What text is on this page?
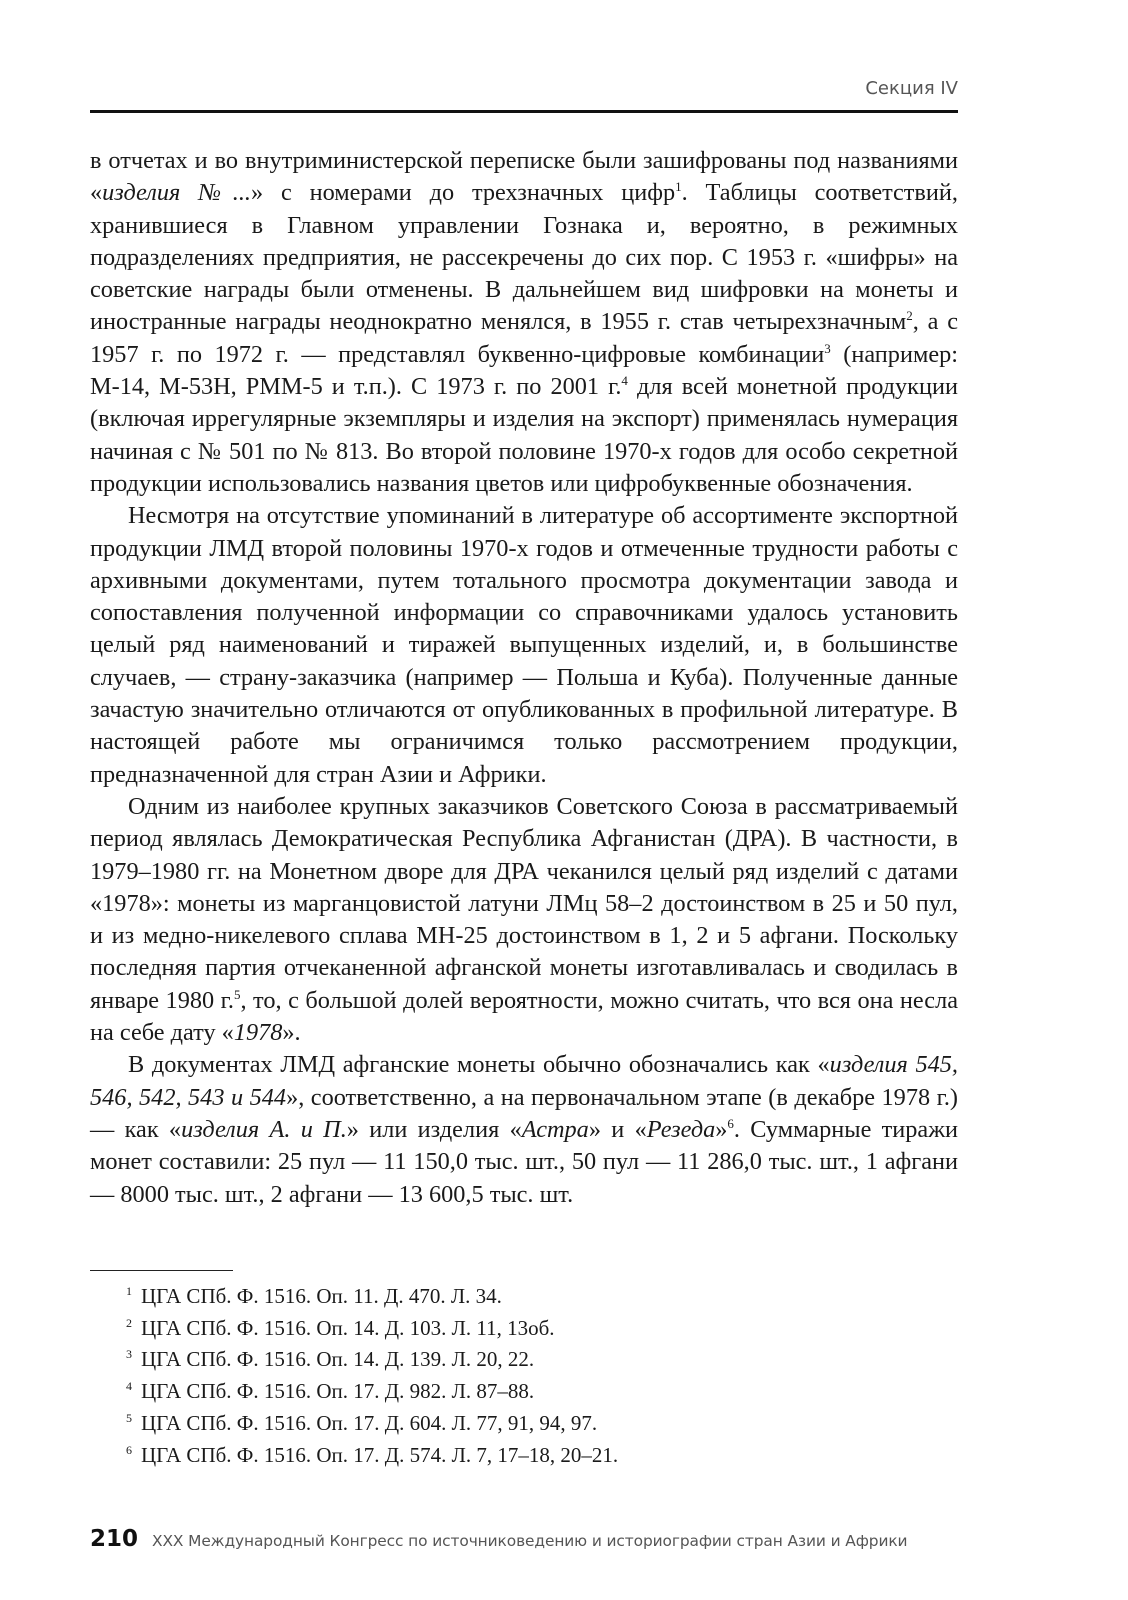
Секция IV

в отчетах и во внутриминистерской переписке были зашифрованы под названиями «изделия №...» с номерами до трехзначных цифр$^1$. Таблицы соответствий, хранившиеся в Главном управлении Гознака и, вероятно, в режимных подразделениях предприятия, не рассекречены до сих пор. С 1953 г. «шифры» на советские награды были отменены. В дальнейшем вид шифровки на монеты и иностранные награды неоднократно менялся, в 1955 г. став четырехзначным$^2$, а с 1957 г. по 1972 г. — представлял буквенно-цифровые комбинации$^3$ (например: М-14, М-53Н, РММ-5 и т.п.). С 1973 г. по 2001 г.$^4$ для всей монетной продукции (включая иррегулярные экземпляры и изделия на экспорт) применялась нумерация начиная с № 501 по № 813. Во второй половине 1970-х годов для особо секретной продукции использовались названия цветов или цифробуквенные обозначения.

Несмотря на отсутствие упоминаний в литературе об ассортименте экспортной продукции ЛМД второй половины 1970-х годов и отмеченные трудности работы с архивными документами, путем тотального просмотра документации завода и сопоставления полученной информации со справочниками удалось установить целый ряд наименований и тиражей выпущенных изделий, и, в большинстве случаев, — страну-заказчика (например — Польша и Куба). Полученные данные зачастую значительно отличаются от опубликованных в профильной литературе. В настоящей работе мы ограничимся только рассмотрением продукции, предназначенной для стран Азии и Африки.

Одним из наиболее крупных заказчиков Советского Союза в рассматриваемый период являлась Демократическая Республика Афганистан (ДРА). В частности, в 1979–1980 гг. на Монетном дворе для ДРА чеканился целый ряд изделий с датами «1978»: монеты из марганцовистой латуни ЛМц 58–2 достоинством в 25 и 50 пул, и из медно-никелевого сплава МН-25 достоинством в 1, 2 и 5 афгани. Поскольку последняя партия отчеканенной афганской монеты изготавливалась и сводилась в январе 1980 г.$^5$, то, с большой долей вероятности, можно считать, что вся она несла на себе дату «1978».

В документах ЛМД афганские монеты обычно обозначались как «изделия 545, 546, 542, 543 и 544», соответственно, а на первоначальном этапе (в декабре 1978 г.) — как «изделия А. и П.» или изделия «Астра» и «Резеда»$^6$. Суммарные тиражи монет составили: 25 пул — 11 150,0 тыс. шт., 50 пул — 11 286,0 тыс. шт., 1 афгани — 8000 тыс. шт., 2 афгани — 13 600,5 тыс. шт.

$^1$ ЦГА СПб. Ф. 1516. Оп. 11. Д. 470. Л. 34.
$^2$ ЦГА СПб. Ф. 1516. Оп. 14. Д. 103. Л. 11, 13об.
$^3$ ЦГА СПб. Ф. 1516. Оп. 14. Д. 139. Л. 20, 22.
$^4$ ЦГА СПб. Ф. 1516. Оп. 17. Д. 982. Л. 87–88.
$^5$ ЦГА СПб. Ф. 1516. Оп. 17. Д. 604. Л. 77, 91, 94, 97.
$^6$ ЦГА СПб. Ф. 1516. Оп. 17. Д. 574. Л. 7, 17–18, 20–21.
210 XXX Международный Конгресс по источниковедению и историографии стран Азии и Африки
